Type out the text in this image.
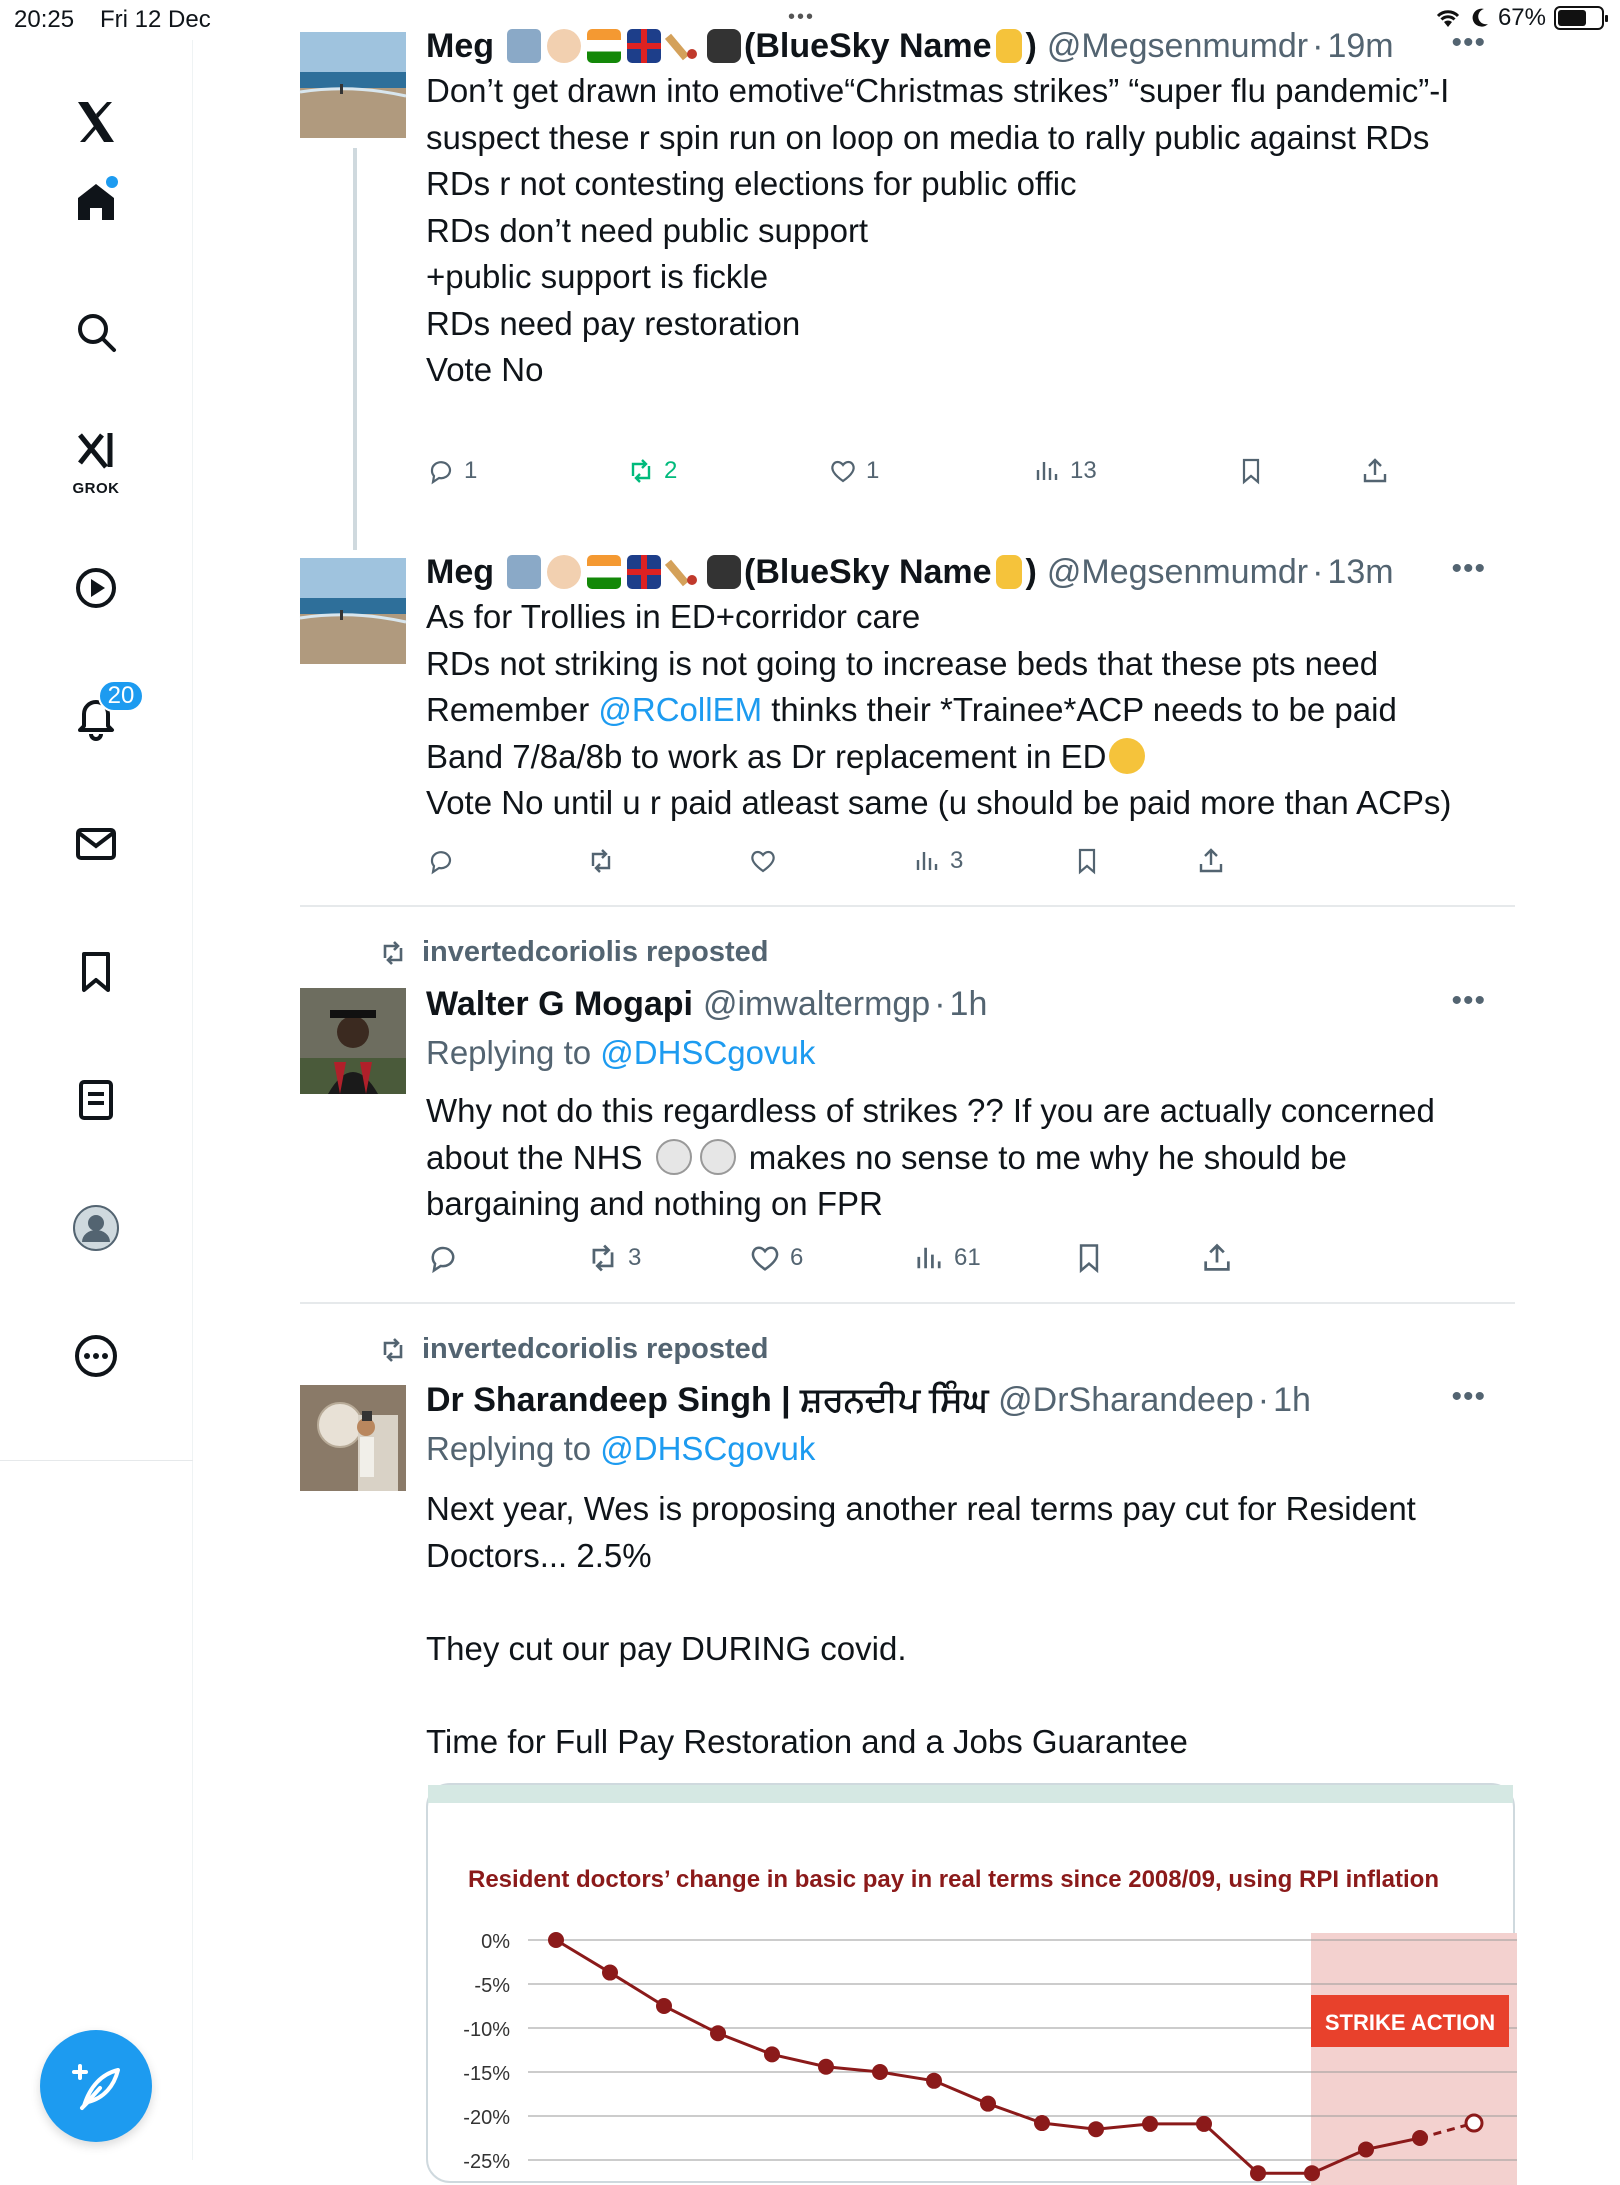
20:25 Fri 12 Dec	•••	67%
GROK
20
Meg	(BlueSky Name ) @Megsenmumdr · 19m •••
Don’t get drawn into emotive“Christmas strikes” “super flu pandemic”-I suspect these r spin run on loop on media to rally public against RDs
RDs r not contesting elections for public offic
RDs don’t need public support
+public support is fickle
RDs need pay restoration
Vote No
1	2	1	13
Meg	(BlueSky Name ) @Megsenmumdr · 13m •••
As for Trollies in ED+corridor care
RDs not striking is not going to increase beds that these pts need
Remember @RCollEM thinks their *Trainee*ACP needs to be paid
Band 7/8a/8b to work as Dr replacement in ED
Vote No until u r paid atleast same (u should be paid more than ACPs)
3
invertedcoriolis reposted
Walter G Mogapi @imwaltermgp · 1h	•••
Replying to @DHSCgovuk
Why not do this regardless of strikes ?? If you are actually concerned
about the NHS	makes no sense to me why he should be
bargaining and nothing on FPR
3	6	61
invertedcoriolis reposted
Dr Sharandeep Singh | ਸ਼ਰਨਦੀਪ ਸਿੰਘ @DrSharandeep · 1h	•••
Replying to @DHSCgovuk
Next year, Wes is proposing another real terms pay cut for Resident
Doctors... 2.5%

They cut our pay DURING covid.

Time for Full Pay Restoration and a Jobs Guarantee
Resident doctors’ change in basic pay in real terms since 2008/09, using RPI inflation
0%
-5%
-10%
-15%
-20%
-25%
STRIKE ACTION
